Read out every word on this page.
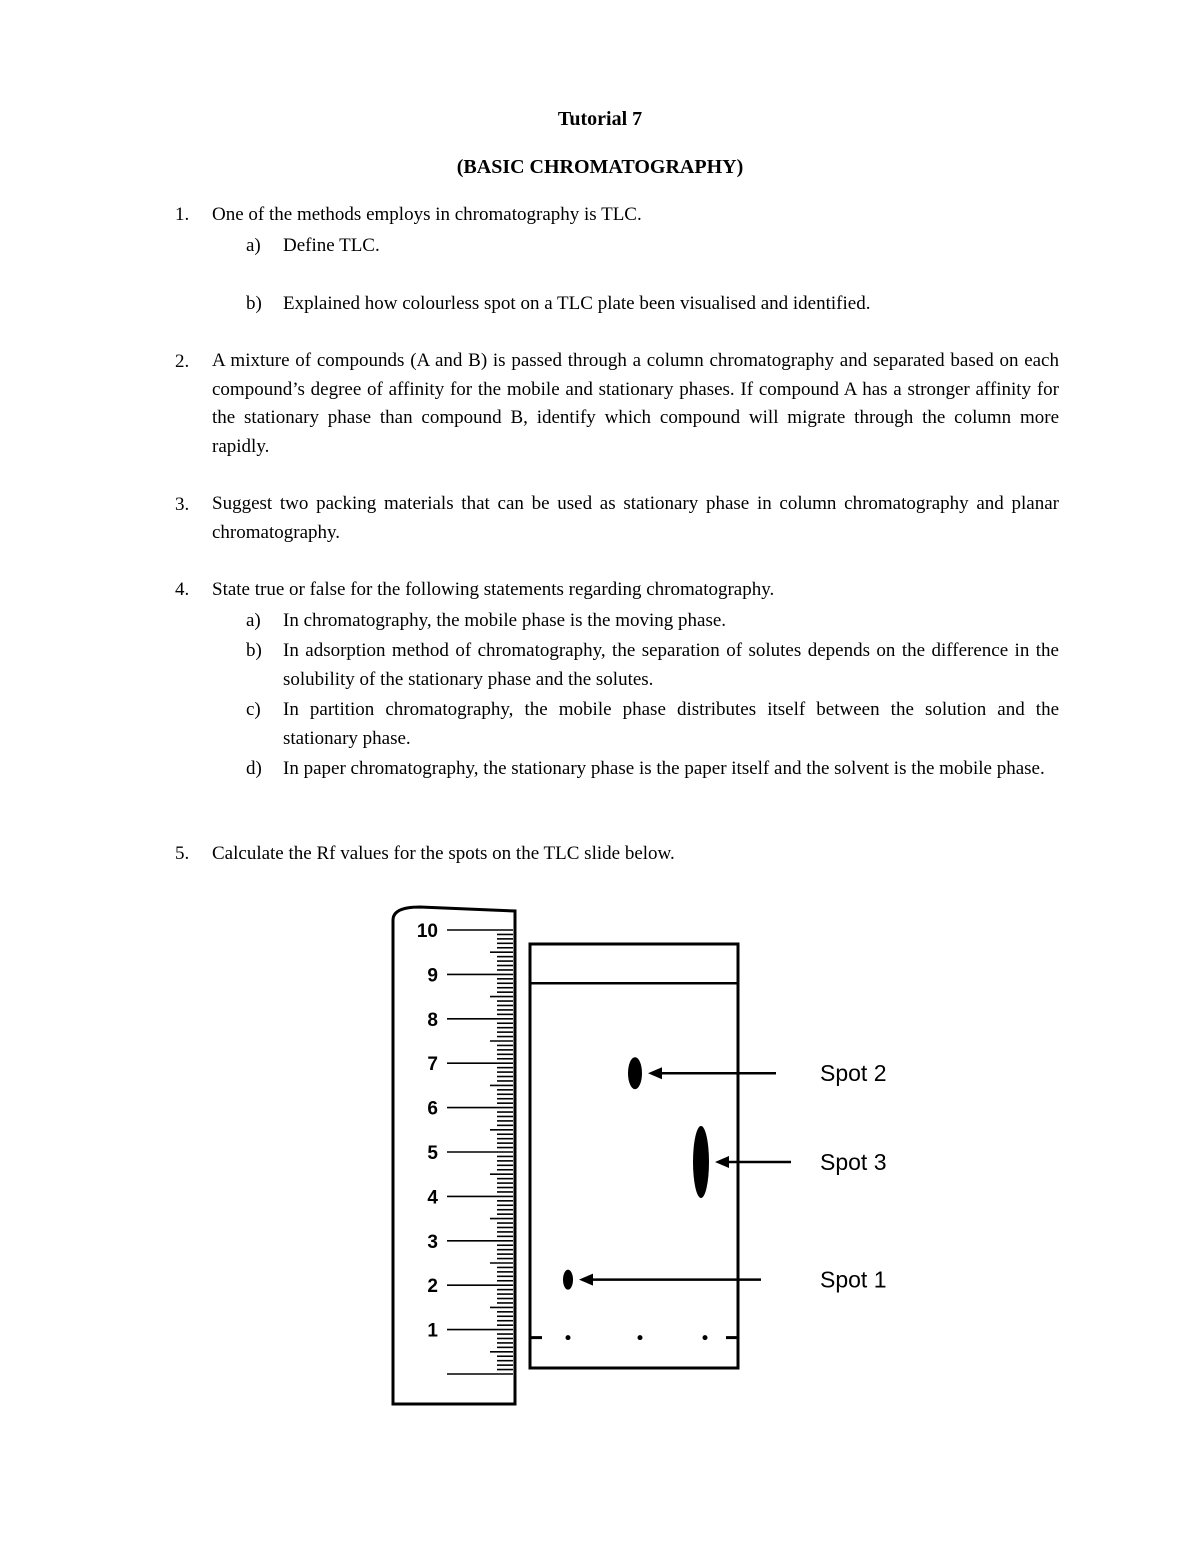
Tutorial 7
(BASIC CHROMATOGRAPHY)
1. One of the methods employs in chromatography is TLC.
a) Define TLC.
b) Explained how colourless spot on a TLC plate been visualised and identified.
2. A mixture of compounds (A and B) is passed through a column chromatography and separated based on each compound’s degree of affinity for the mobile and stationary phases. If compound A has a stronger affinity for the stationary phase than compound B, identify which compound will migrate through the column more rapidly.
3. Suggest two packing materials that can be used as stationary phase in column chromatography and planar chromatography.
4. State true or false for the following statements regarding chromatography.
a) In chromatography, the mobile phase is the moving phase.
b) In adsorption method of chromatography, the separation of solutes depends on the difference in the solubility of the stationary phase and the solutes.
c) In partition chromatography, the mobile phase distributes itself between the solution and the stationary phase.
d) In paper chromatography, the stationary phase is the paper itself and the solvent is the mobile phase.
5. Calculate the Rf values for the spots on the TLC slide below.
10
9
8
7
6
5
4
3
2
1
Spot 2
Spot 3
Spot 1
